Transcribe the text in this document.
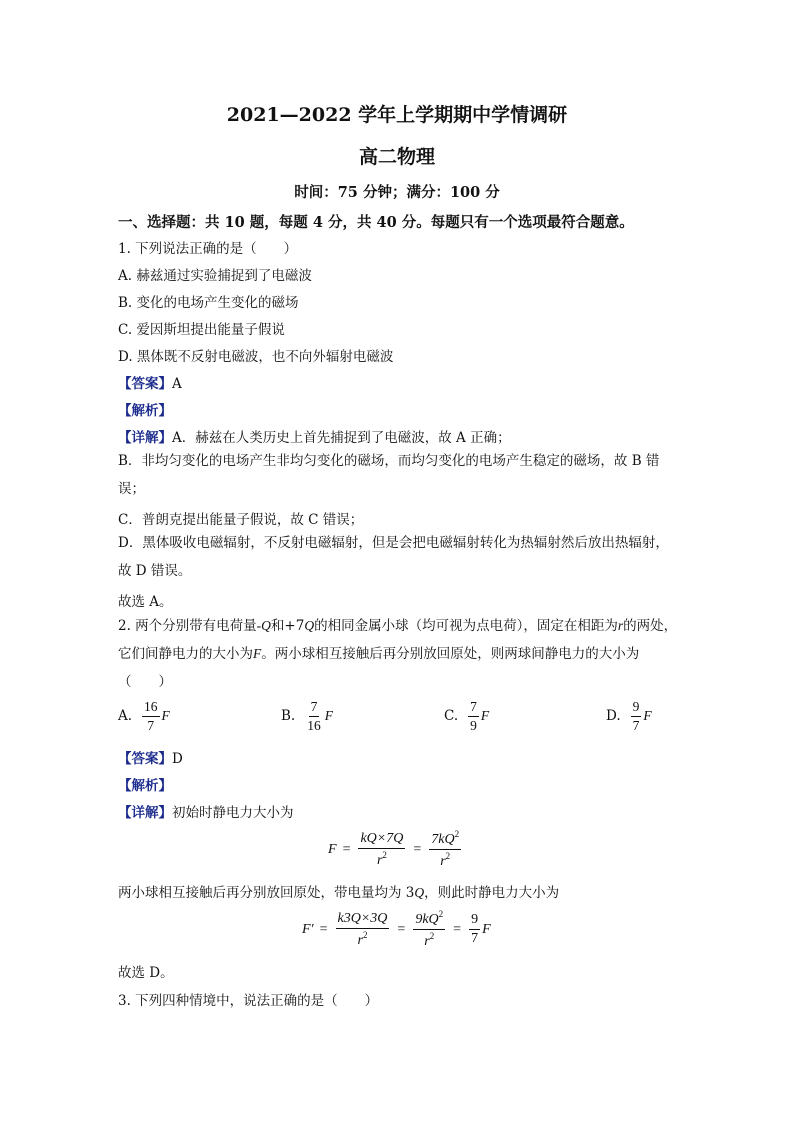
2021—2022 学年上学期期中学情调研
高二物理
时间：75 分钟；满分：100 分
一、选择题：共 10 题，每题 4 分，共 40 分。每题只有一个选项最符合题意。
1. 下列说法正确的是（　　）
A. 赫兹通过实验捕捉到了电磁波
B. 变化的电场产生变化的磁场
C. 爱因斯坦提出能量子假说
D. 黑体既不反射电磁波，也不向外辐射电磁波
【答案】A
【解析】
【详解】A．赫兹在人类历史上首先捕捉到了电磁波，故 A 正确；
B．非均匀变化的电场产生非均匀变化的磁场，而均匀变化的电场产生稳定的磁场，故 B 错误；
C．普朗克提出能量子假说，故 C 错误；
D．黑体吸收电磁辐射，不反射电磁辐射，但是会把电磁辐射转化为热辐射然后放出热辐射，故 D 错误。
故选 A。
2. 两个分别带有电荷量-Q和+7Q的相同金属小球（均可视为点电荷），固定在相距为r的两处，它们间静电力的大小为F。两小球相互接触后再分别放回原处，则两球间静电力的大小为（　　）
A. $\frac{16}{7}$ F	B. $\frac{7}{16}$ F	C. $\frac{7}{9}$ F	D. $\frac{9}{7}$ F
【答案】D
【解析】
【详解】初始时静电力大小为
$F = \frac{kQ\times 7Q}{r^2} = \frac{7kQ^2}{r^2}$
两小球相互接触后再分别放回原处，带电量均为 3Q，则此时静电力大小为
$F' = \frac{k3Q\times 3Q}{r^2} = \frac{9kQ^2}{r^2} = \frac{9}{7}$ F
故选 D。
3. 下列四种情境中，说法正确的是（　　）
